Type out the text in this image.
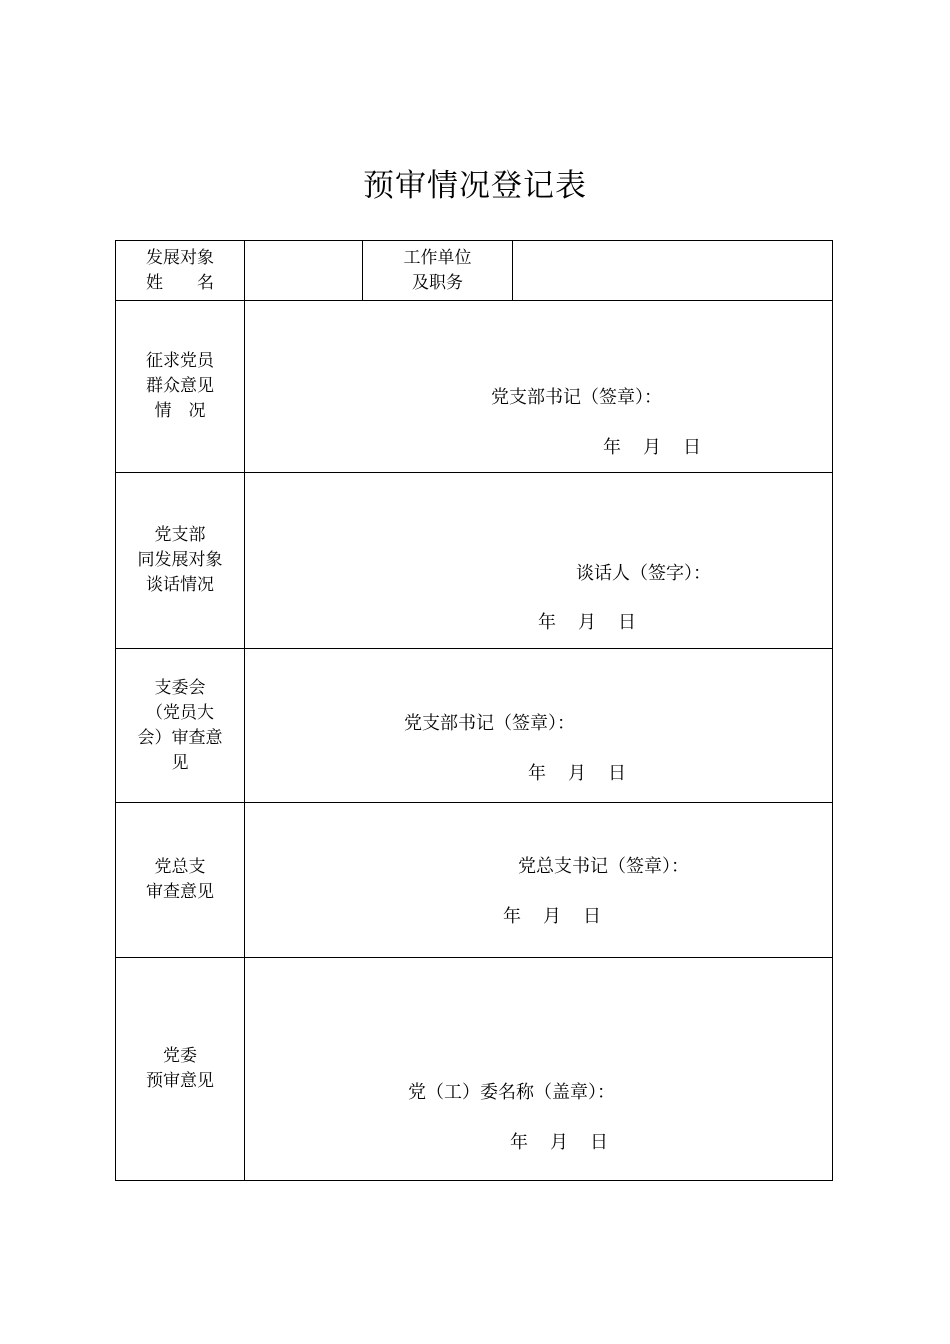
预审情况登记表
发展对象
姓　　名
工作单位
及职务
征求党员
群众意见
情　况
党支部书记（签章）：
年　月　日
党支部
同发展对象
谈话情况
谈话人（签字）：
年　月　日
支委会
（党员大
会）审查意
见
党支部书记（签章）：
年　月　日
党总支
审查意见
党总支书记（签章）：
年　月　日
党委
预审意见
党（工）委名称（盖章）：
年　月　日
